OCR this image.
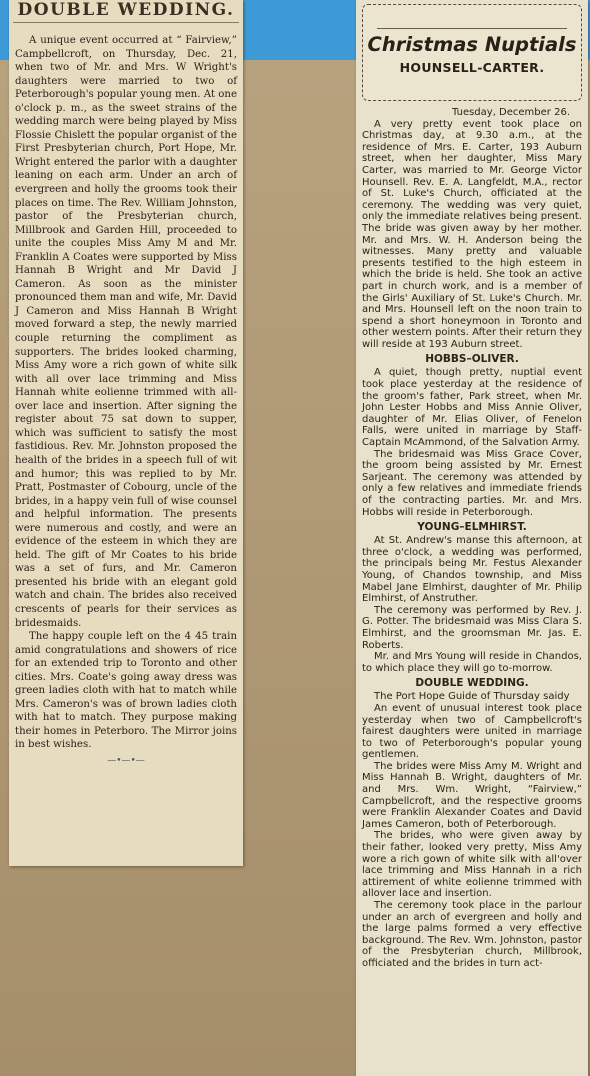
DOUBLE WEDDING.

A unique event occurred at “ Fairview,” Campbellcroft, on Thursday, Dec. 21, when two of Mr. and Mrs. W Wright's daughters were married to two of Peterborough's popular young men. At one o'clock p. m., as the sweet strains of the wedding march were being played by Miss Flossie Chislett the popular organist of the First Presbyterian church, Port Hope, Mr. Wright entered the parlor with a daughter leaning on each arm. Under an arch of evergreen and holly the grooms took their places on time. The Rev. William Johnston, pastor of the Presbyterian church, Millbrook and Garden Hill, proceeded to unite the couples Miss Amy M and Mr. Franklin A Coates were supported by Miss Hannah B Wright and Mr David J Cameron. As soon as the minister pronounced them man and wife, Mr. David J Cameron and Miss Hannah B Wright moved forward a step, the newly married couple returning the compliment as supporters. The brides looked charming, Miss Amy wore a rich gown of white silk with all over lace trimming and Miss Hannah white eolienne trimmed with all-over lace and insertion. After signing the register about 75 sat down to supper, which was sufficient to satisfy the most fastidious. Rev. Mr. Johnston proposed the health of the brides in a speech full of wit and humor; this was replied to by Mr. Pratt, Postmaster of Cobourg, uncle of the brides, in a happy vein full of wise counsel and helpful information. The presents were numerous and costly, and were an evidence of the esteem in which they are held. The gift of Mr Coates to his bride was a set of furs, and Mr. Cameron presented his bride with an elegant gold watch and chain. The brides also received crescents of pearls for their services as bridesmaids.

The happy couple left on the 4 45 train amid congratulations and showers of rice for an extended trip to Toronto and other cities. Mrs. Coate's going away dress was green ladies cloth with hat to match while Mrs. Cameron's was of brown ladies cloth with hat to match. They purpose making their homes in Peterboro. The Mirror joins in best wishes.

—•—•—
Christmas Nuptials
HOUNSELL-CARTER.

Tuesday, December 26.

A very pretty event took place on Christmas day, at 9.30 a.m., at the residence of Mrs. E. Carter, 193 Auburn street, when her daughter, Miss Mary Carter, was married to Mr. George Victor Hounsell. Rev. E. A. Langfeldt, M.A., rector of St. Luke's Church, officiated at the ceremony. The wedding was very quiet, only the immediate relatives being present. The bride was given away by her mother. Mr. and Mrs. W. H. Anderson being the witnesses. Many pretty and valuable presents testified to the high esteem in which the bride is held. She took an active part in church work, and is a member of the Girls' Auxiliary of St. Luke's Church. Mr. and Mrs. Hounsell left on the noon train to spend a short honeymoon in Toronto and other western points. After their return they will reside at 193 Auburn street.

HOBBS–OLIVER.

A quiet, though pretty, nuptial event took place yesterday at the residence of the groom's father, Park street, when Mr. John Lester Hobbs and Miss Annie Oliver, daughter of Mr. Elias Oliver, of Fenelon Falls, were united in marriage by Staff-Captain McAmmond, of the Salvation Army.

The bridesmaid was Miss Grace Cover, the groom being assisted by Mr. Ernest Sarjeant. The ceremony was attended by only a few relatives and immediate friends of the contracting parties. Mr. and Mrs. Hobbs will reside in Peterborough.

YOUNG–ELMHIRST.

At St. Andrew's manse this afternoon, at three o'clock, a wedding was performed, the principals being Mr. Festus Alexander Young, of Chandos township, and Miss Mabel Jane Elmhirst, daughter of Mr. Philip Elmhirst, of Anstruther.

The ceremony was performed by Rev. J. G. Potter. The bridesmaid was Miss Clara S. Elmhirst, and the groomsman Mr. Jas. E. Roberts.

Mr. and Mrs Young will reside in Chandos, to which place they will go to-morrow.

DOUBLE WEDDING.

The Port Hope Guide of Thursday saidy

An event of unusual interest took place yesterday when two of Campbellcroft's fairest daughters were united in marriage to two of Peterborough's popular young gentlemen.

The brides were Miss Amy M. Wright and Miss Hannah B. Wright, daughters of Mr. and Mrs. Wm. Wright, “Fairview,” Campbellcroft, and the respective grooms were Franklin Alexander Coates and David James Cameron, both of Peterborough.

The brides, who were given away by their father, looked very pretty, Miss Amy wore a rich gown of white silk with all'over lace trimming and Miss Hannah in a rich attirement of white eolienne trimmed with allover lace and insertion.

The ceremony took place in the parlour under an arch of evergreen and holly and the large palms formed a very effective background. The Rev. Wm. Johnston, pastor of the Presbyterian church, Millbrook, officiated and the brides in turn act-
